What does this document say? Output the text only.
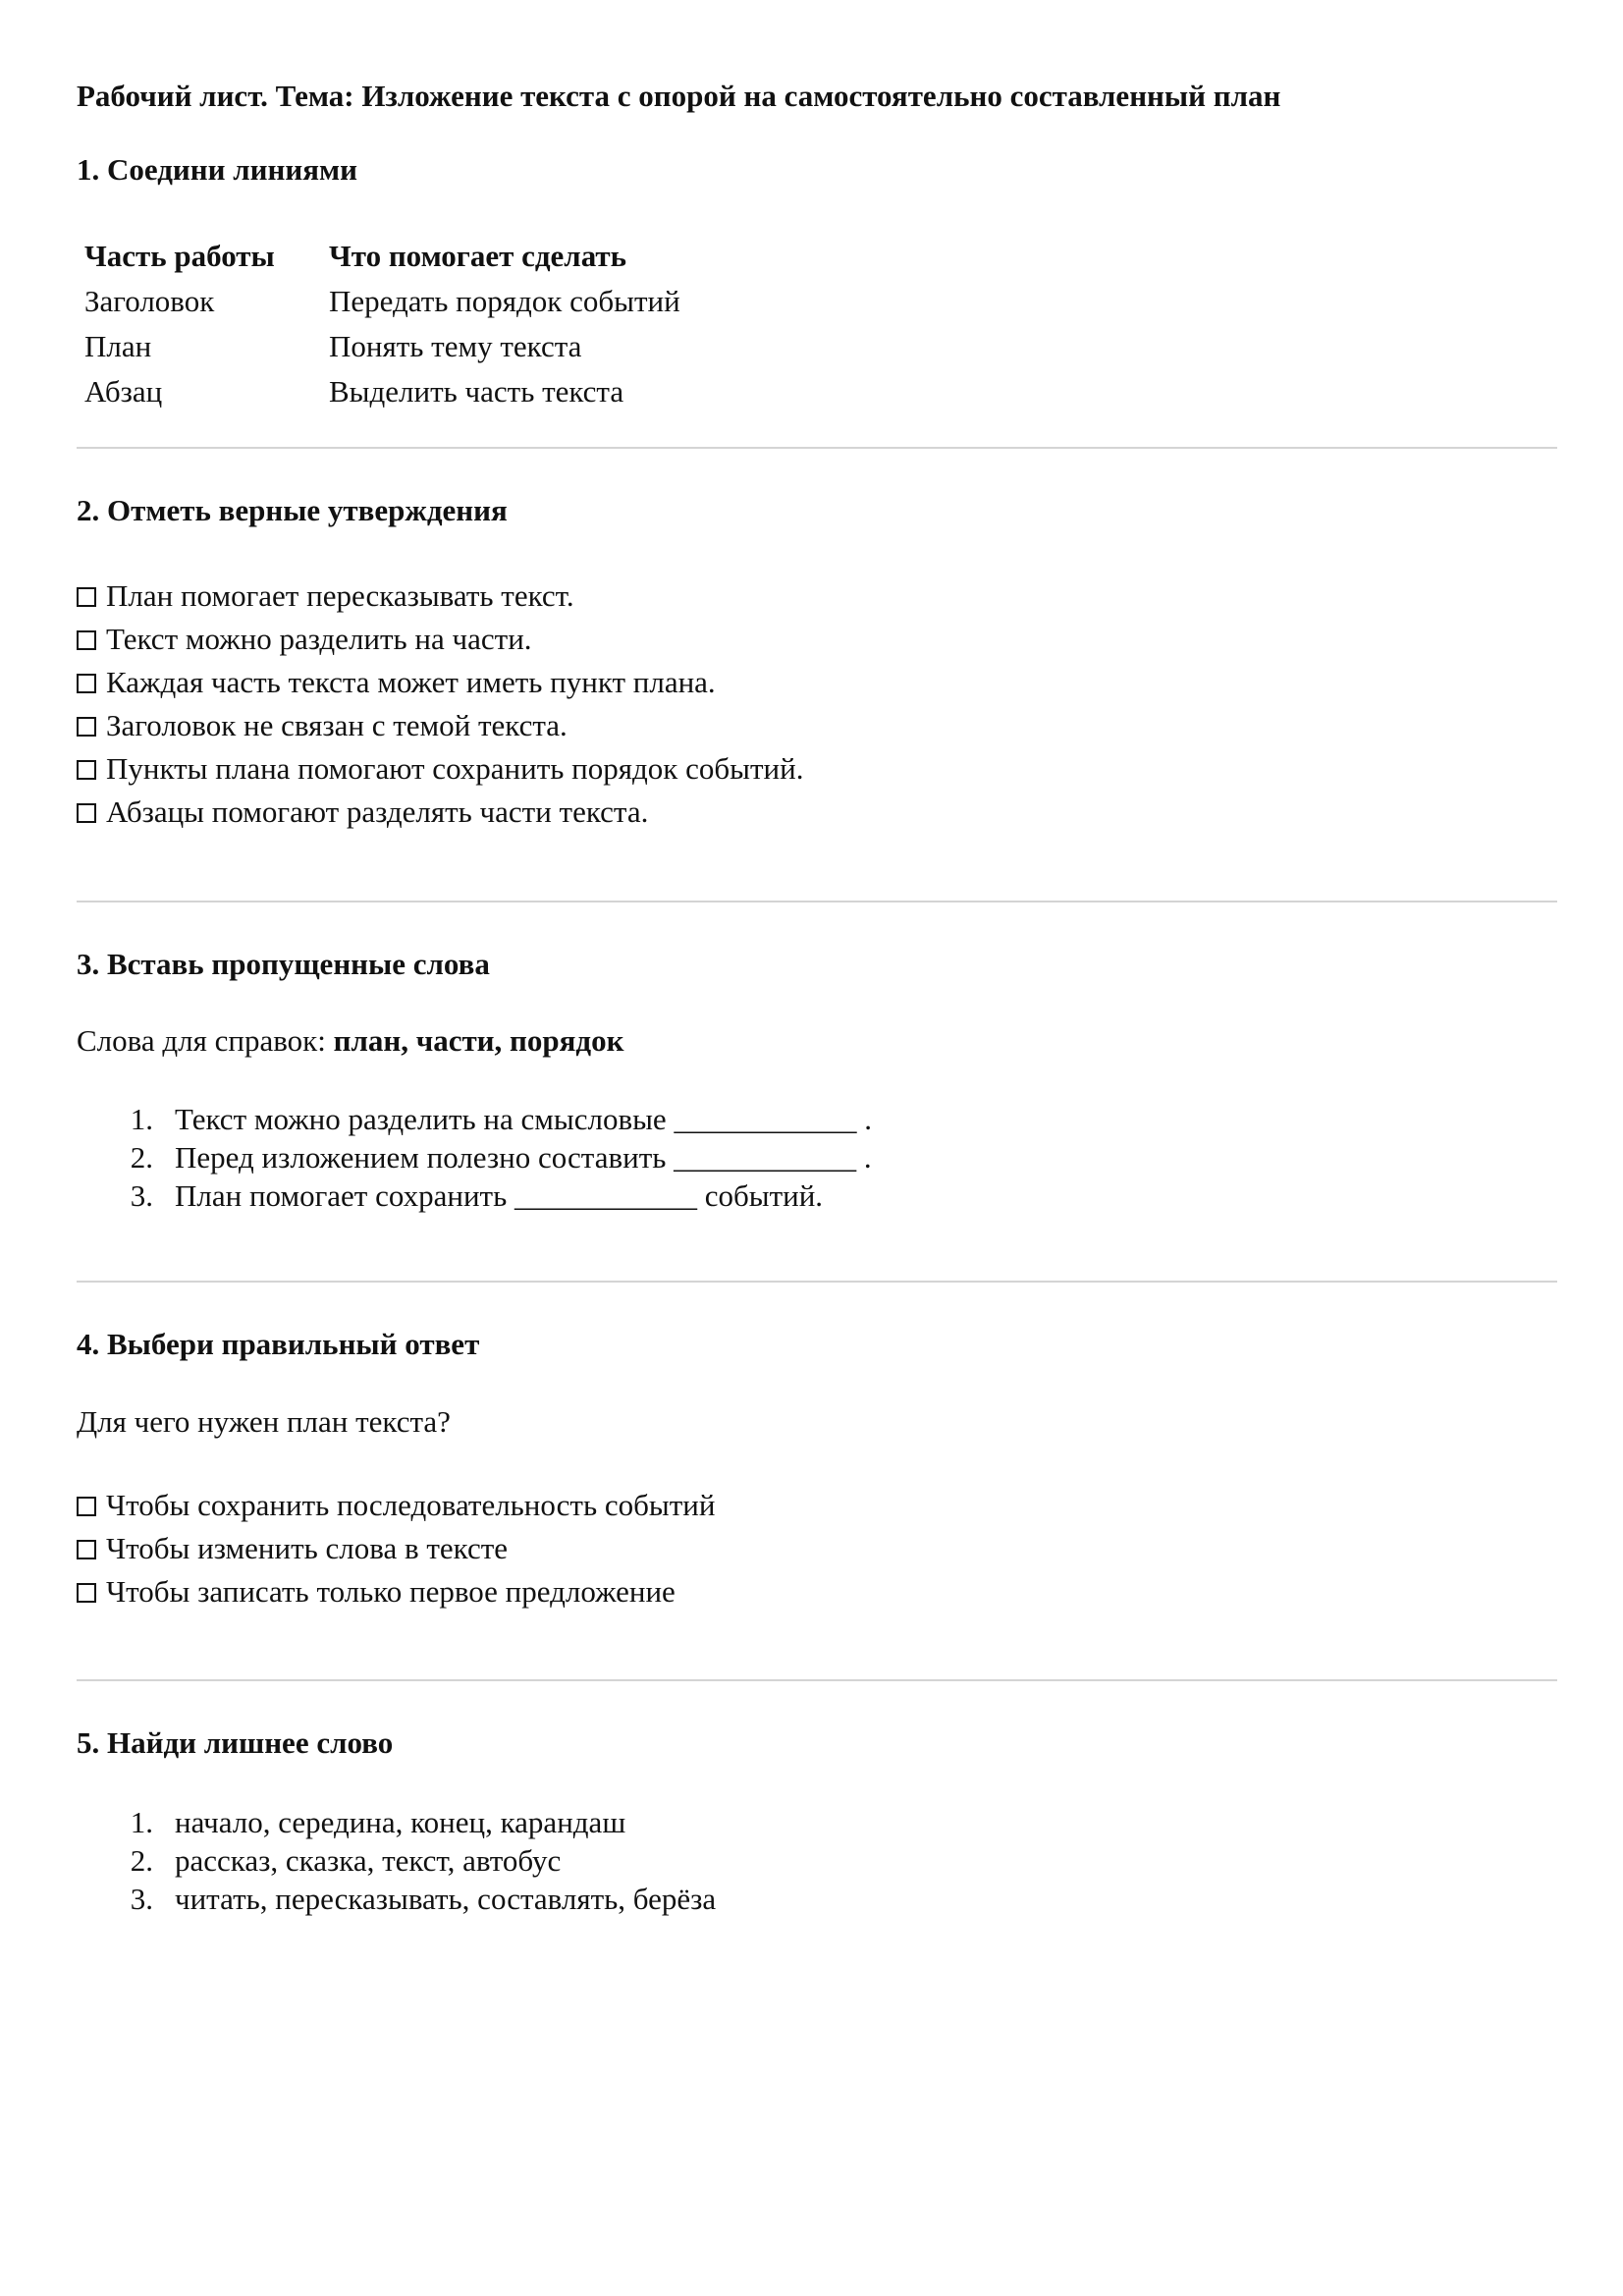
Рабочий лист. Тема: Изложение текста с опорой на самостоятельно составленный план
1. Соедини линиями
Часть работы	Что помогает сделать
Заголовок	Передать порядок событий
План	Понять тему текста
Абзац	Выделить часть текста
2. Отметь верные утверждения
План помогает пересказывать текст.
Текст можно разделить на части.
Каждая часть текста может иметь пункт плана.
Заголовок не связан с темой текста.
Пункты плана помогают сохранить порядок событий.
Абзацы помогают разделять части текста.
3. Вставь пропущенные слова
Слова для справок: план, части, порядок
1. Текст можно разделить на смысловые ____________ .
2. Перед изложением полезно составить ____________ .
3. План помогает сохранить ____________ событий.
4. Выбери правильный ответ
Для чего нужен план текста?
Чтобы сохранить последовательность событий
Чтобы изменить слова в тексте
Чтобы записать только первое предложение
5. Найди лишнее слово
1. начало, середина, конец, карандаш
2. рассказ, сказка, текст, автобус
3. читать, пересказывать, составлять, берёза
